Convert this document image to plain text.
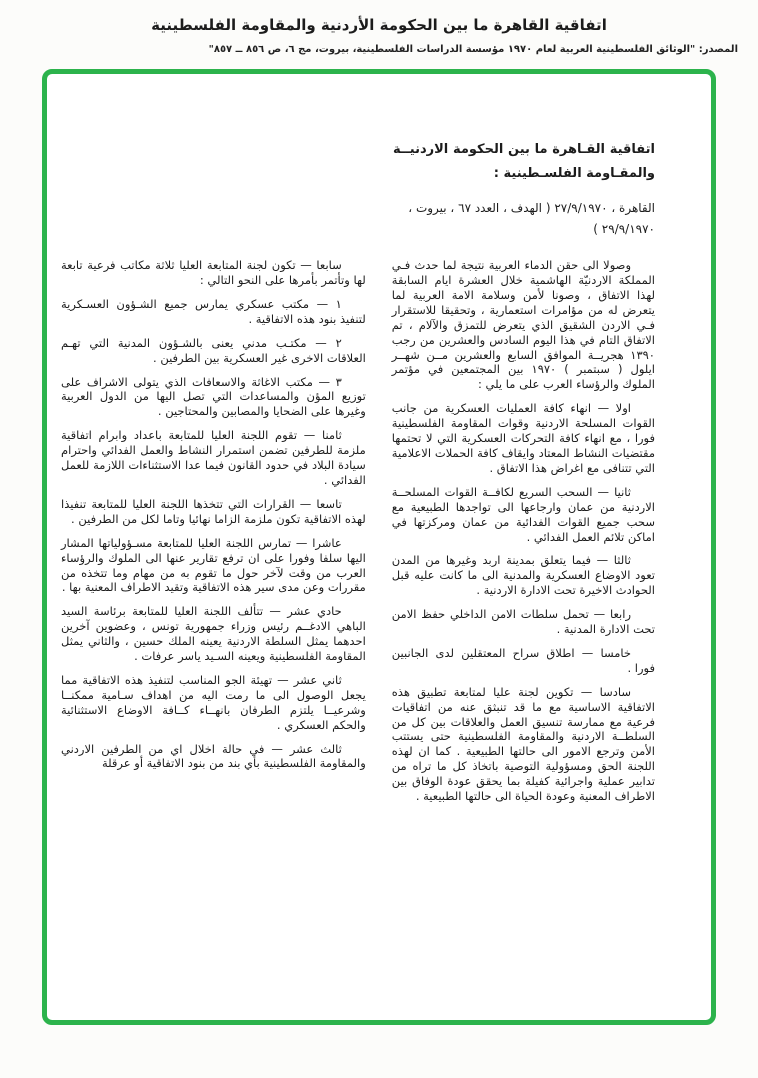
اتفاقية القاهرة ما بين الحكومة الأردنية والمقاومة الفلسطينية
المصدر: "الوثائق الفلسطينية العربية لعام ١٩٧٠ مؤسسة الدراسات الفلسطينية، بيروت، مج ٦، ص ٨٥٦ ــ ٨٥٧"
اتفاقية القـاهرة ما بين الحكومة الاردنيــة والمقـاومة الفلسـطينية :
القاهرة ، ٢٧/٩/١٩٧٠ ( الهدف ، العدد ٦٧ ، بيروت ، ٢٩/٩/١٩٧٠ )

وصولا الى حقن الدماء العربية نتيجة لما حدث فـي المملكة الاردنيّة الهاشمية خلال العشرة ايام السابقة لهذا الاتفاق ، وصونا لأمن وسلامة الامة العربية لما يتعرض له من مؤامرات استعمارية ، وتحقيقا للاستقرار فـي الاردن الشقيق الذي يتعرض للتمزق والآلام ، تم الاتفاق التام في هذا اليوم السادس والعشرين من رجب ١٣٩٠ هجريــة الموافق السابع والعشرين مــن شهــر ايلول ( سبتمبر ) ١٩٧٠ بين المجتمعين في مؤتمر الملوك والرؤساء العرب على ما يلي :

اولا — انهاء كافة العمليات العسكرية من جانب القوات المسلحة الاردنية وقوات المقاومة الفلسطينية فورا ، مع انهاء كافة التحركات العسكرية التي لا تحتمها مقتضيات النشاط المعتاد وايقاف كافة الحملات الاعلامية التي تتنافى مع اغراض هذا الاتفاق .

ثانيا — السحب السريع لكافــة القوات المسلحــة الاردنية من عمان وارجاعها الى تواجدها الطبيعية مع سحب جميع القوات الفدائية من عمان ومركزتها في اماكن تلائم العمل الفدائي .

ثالثا — فيما يتعلق بمدينة اربد وغيرها من المدن تعود الاوضاع العسكرية والمدنية الى ما كانت عليه قبل الحوادث الاخيرة تحت الادارة الاردنية .

رابعا — تحمل سلطات الامن الداخلي حفظ الامن تحت الادارة المدنية .

خامسا — اطلاق سراح المعتقلين لدى الجانبين فورا .

سادسا — تكوين لجنة عليا لمتابعة تطبيق هذه الاتفاقية الاساسية مع ما قد تنبثق عنه من اتفاقيات فرعية مع ممارسة تنسيق العمل والعلاقات بين كل من السلطــة الاردنية والمقاومة الفلسطينية حتى يستتب الأمن وترجع الامور الى حالتها الطبيعية . كما ان لهذه اللجنة الحق ومسؤولية التوصية باتخاذ كل ما تراه من تدابير عملية واجرائية كفيلة بما يحقق عودة الوفاق بين الاطراف المعنية وعودة الحياة الى حالتها الطبيعية .

سابعا — تكون لجنة المتابعة العليا ثلاثة مكاتب فرعية تابعة لها وتأتمر بأمرها على النحو التالي :

١ — مكتب عسكري يمارس جميع الشـؤون العسـكرية لتنفيذ بنود هذه الاتفاقية .

٢ — مكتـب مدني يعنى بالشـؤون المدنية التي تهـم العلاقات الاخرى غير العسكرية بين الطرفين .

٣ — مكتب الاغاثة والاسعافات الذي يتولى الاشراف على توزيع المؤن والمساعدات التي تصل اليها من الدول العربية وغيرها على الضحايا والمصابين والمحتاجين .

ثامنا — تقوم اللجنة العليا للمتابعة باعداد وابرام اتفاقية ملزمة للطرفين تضمن استمرار النشاط والعمل الفدائي واحترام سيادة البلاد في حدود القانون فيما عدا الاستثناءات اللازمة للعمل الفدائي .

تاسعا — القرارات التي تتخذها اللجنة العليا للمتابعة تنفيذا لهذه الاتفاقية تكون ملزمة الزاما نهائيا وتاما لكل من الطرفين .

عاشرا — تمارس اللجنة العليا للمتابعة مسـؤولياتها المشار اليها سلفا وفورا على ان ترفع تقارير عنها الى الملوك والرؤساء العرب من وقت لآخر حول ما تقوم به من مهام وما تتخذه من مقررات وعن مدى سير هذه الاتفاقية وتقيد الاطراف المعنية بها .

حادي عشر — تتألف اللجنة العليا للمتابعة برئاسة السيد الباهي الادغــم رئيس وزراء جمهورية تونس ، وعضوين آخرين احدهما يمثل السلطة الاردنية يعينه الملك حسين ، والثاني يمثل المقاومة الفلسطينية ويعينه السـيد ياسر عرفات .

ثاني عشر — تهيئة الجو المناسب لتنفيذ هذه الاتفاقية مما يجعل الوصول الى ما رمت اليه من اهداف سـامية ممكنــا وشرعيــا يلتزم الطرفان بانهــاء كــافة الاوضاع الاستثنائية والحكم العسكري .

ثالث عشر — في حالة اخلال اي من الطرفين الاردني والمقاومة الفلسطينية بأي بند من بنود الاتفاقية أو عرقلة
